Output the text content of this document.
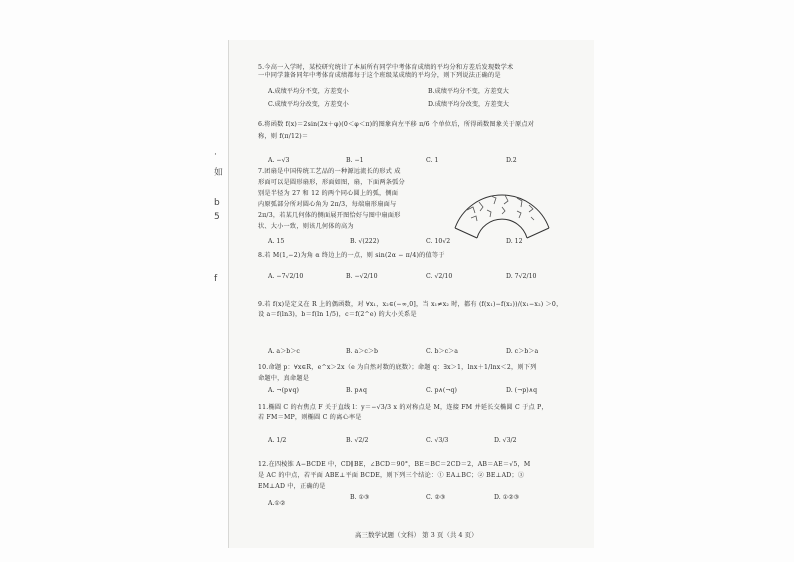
·
如
b
5
f

5.今高一入学时，某校研究统计了本届所有同学中考体育成绩的平均分和方差后发现数学术

一中同学兼备同年中考体育成绩都每于这个班级某成绩的平均分，则下列说法正确的是

A.成绩平均分不变，方差变小	B.成绩平均分不变，方差变大
C.成绩平均分改变，方差变小	D.成绩平均分改变，方差变大

6.将函数 f(x)＝2sin(2x＋φ)(0＜φ＜π)的图象向左平移 π/6 个单位后，所得函数图象关于原点对

称，则 f(π/12)＝

A. −√3	B. −1	C. 1	D.2

7.团扇是中国传统工艺品的一种源远流长的形式 成

形面可以是圆形扇形，形面如图，扇，下面两条弧分

别是半径为 27 和 12 的两个同心圆上的弧，侧面

内原弧部分所对圆心角为 2π/3，每端扇形扇面与

2π/3，若某几何体的侧面展开图恰好与图中扇面形

状、大小一致，则该几何体的高为

A. 15	B. √(222)	C. 10√2	D. 12

8.若 M(1,−2)为角 α 终边上的一点，则 sin(2α − π/4)的值等于

A. −7√2/10	B. −√2/10	C. √2/10	D. 7√2/10

9.若 f(x)是定义在 R 上的偶函数，对 ∀x₁，x₂∈(−∞,0]，当 x₁≠x₂ 时，都有 (f(x₁)−f(x₂))/(x₁−x₂) ＞0，

设 a＝f(ln3)，b＝f(ln 1/5)，c＝f(2^e) 的大小关系是

A. a＞b＞c	B. a＞c＞b	C. b＞c＞a	D. c＞b＞a

10.命题 p：∀x∈R，e^x＞2x（e 为自然对数的底数）；命题 q：∃x＞1，lnx＋1/lnx＜2，则下列

命题中，真命题是

A. ¬(p∨q)	B. p∧q	C. p∧(¬q)	D. (¬p)∧q

11.椭圆 C 的右焦点 F 关于直线 l：y＝−√3/3 x 的对称点是 M，连接 FM 并延长交椭圆 C 于点 P，

若 FM＝MP，则椭圆 C 的离心率是

A. 1/2	B. √2/2	C. √3/3	D. √3/2

12.在四棱锥 A−BCDE 中，CD∥BE，∠BCD＝90°，BE＝BC＝2CD＝2，AB＝AE＝√5，M

是 AC 的中点，若平面 ABE⊥平面 BCDE，则下列三个结论：① EA⊥BC；② BE⊥AD；③

EM⊥AD 中，正确的是

A.①②
B. ①③	C. ②③	D. ①②③
高三数学试题（文科） 第 3 页（共 4 页）
